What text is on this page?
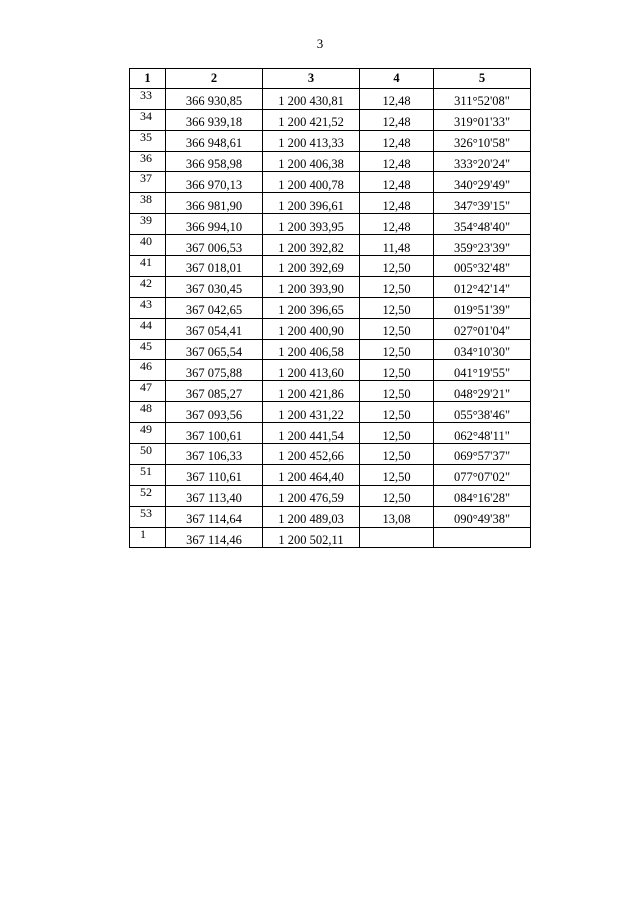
3
1	2	3	4	5
33	366 930,85	1 200 430,81	12,48	311°52'08"
34	366 939,18	1 200 421,52	12,48	319°01'33"
35	366 948,61	1 200 413,33	12,48	326°10'58"
36	366 958,98	1 200 406,38	12,48	333°20'24"
37	366 970,13	1 200 400,78	12,48	340°29'49"
38	366 981,90	1 200 396,61	12,48	347°39'15"
39	366 994,10	1 200 393,95	12,48	354°48'40"
40	367 006,53	1 200 392,82	11,48	359°23'39"
41	367 018,01	1 200 392,69	12,50	005°32'48"
42	367 030,45	1 200 393,90	12,50	012°42'14"
43	367 042,65	1 200 396,65	12,50	019°51'39"
44	367 054,41	1 200 400,90	12,50	027°01'04"
45	367 065,54	1 200 406,58	12,50	034°10'30"
46	367 075,88	1 200 413,60	12,50	041°19'55"
47	367 085,27	1 200 421,86	12,50	048°29'21"
48	367 093,56	1 200 431,22	12,50	055°38'46"
49	367 100,61	1 200 441,54	12,50	062°48'11"
50	367 106,33	1 200 452,66	12,50	069°57'37"
51	367 110,61	1 200 464,40	12,50	077°07'02"
52	367 113,40	1 200 476,59	12,50	084°16'28"
53	367 114,64	1 200 489,03	13,08	090°49'38"
1	367 114,46	1 200 502,11		
